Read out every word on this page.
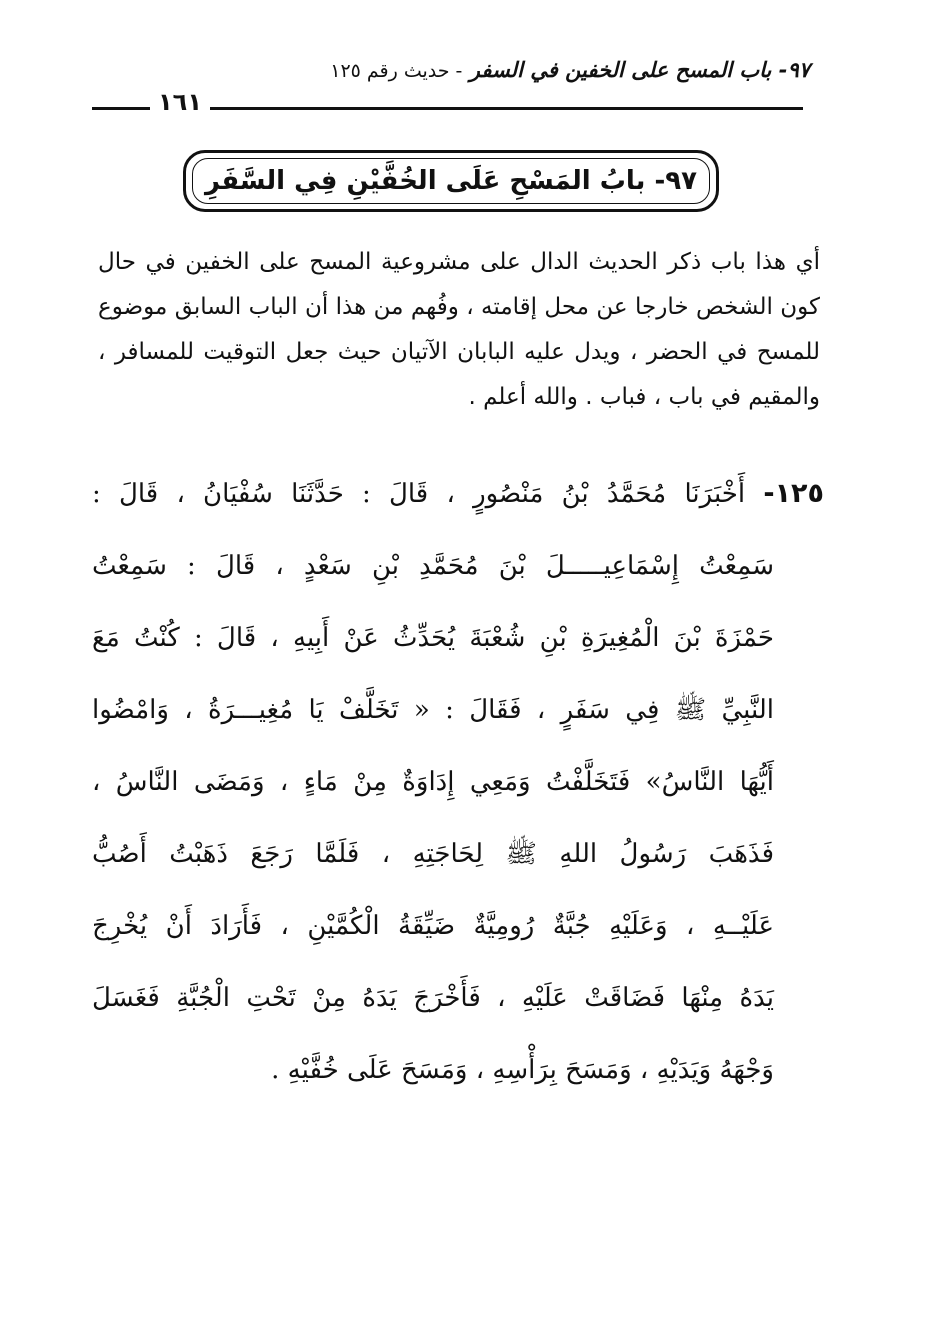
٩٧- باب المسح على الخفين في السفر - حديث رقم ١٢٥
١٦١
٩٧- بابُ المَسْحِ عَلَى الخُفَّيْنِ فِي السَّفَرِ
أي هذا باب ذكر الحديث الدال على مشروعية المسح على الخفين في حال كون الشخص خارجا عن محل إقامته ، وفُهم من هذا أن الباب السابق موضوع للمسح في الحضر ، ويدل عليه البابان الآتيان حيث جعل التوقيت للمسافر ، والمقيم في باب ، فباب . والله أعلم .
١٢٥- أَخْبَرَنَا مُحَمَّدُ بْنُ مَنْصُورٍ ، قَالَ : حَدَّثَنَا سُفْيَانُ ، قَالَ :
سَمِعْتُ إِسْمَاعِيـــــلَ بْنَ مُحَمَّدِ بْنِ سَعْدٍ ، قَالَ : سَمِعْتُ
حَمْزَةَ بْنَ الْمُغِيرَةِ بْنِ شُعْبَةَ يُحَدِّثُ عَنْ أَبِيهِ ، قَالَ : كُنْتُ مَعَ
النَّبِيِّ ﷺ فِي سَفَرٍ ، فَقَالَ : « تَخَلَّفْ يَا مُغِيـــرَةُ ، وَامْضُوا
أَيُّهَا النَّاسُ» فَتَخَلَّفْتُ وَمَعِي إِدَاوَةٌ مِنْ مَاءٍ ، وَمَضَى النَّاسُ ،
فَذَهَبَ رَسُولُ اللهِ ﷺ لِحَاجَتِهِ ، فَلَمَّا رَجَعَ ذَهَبْتُ أَصُبُّ
عَلَيْــهِ ، وَعَلَيْهِ جُبَّةٌ رُومِيَّةٌ ضَيِّقَةُ الْكُمَّيْنِ ، فَأَرَادَ أَنْ يُخْرِجَ
يَدَهُ مِنْهَا فَضَاقَتْ عَلَيْهِ ، فَأَخْرَجَ يَدَهُ مِنْ تَحْتِ الْجُبَّةِ فَغَسَلَ
وَجْهَهُ وَيَدَيْهِ ، وَمَسَحَ بِرَأْسِهِ ، وَمَسَحَ عَلَى خُفَّيْهِ .
